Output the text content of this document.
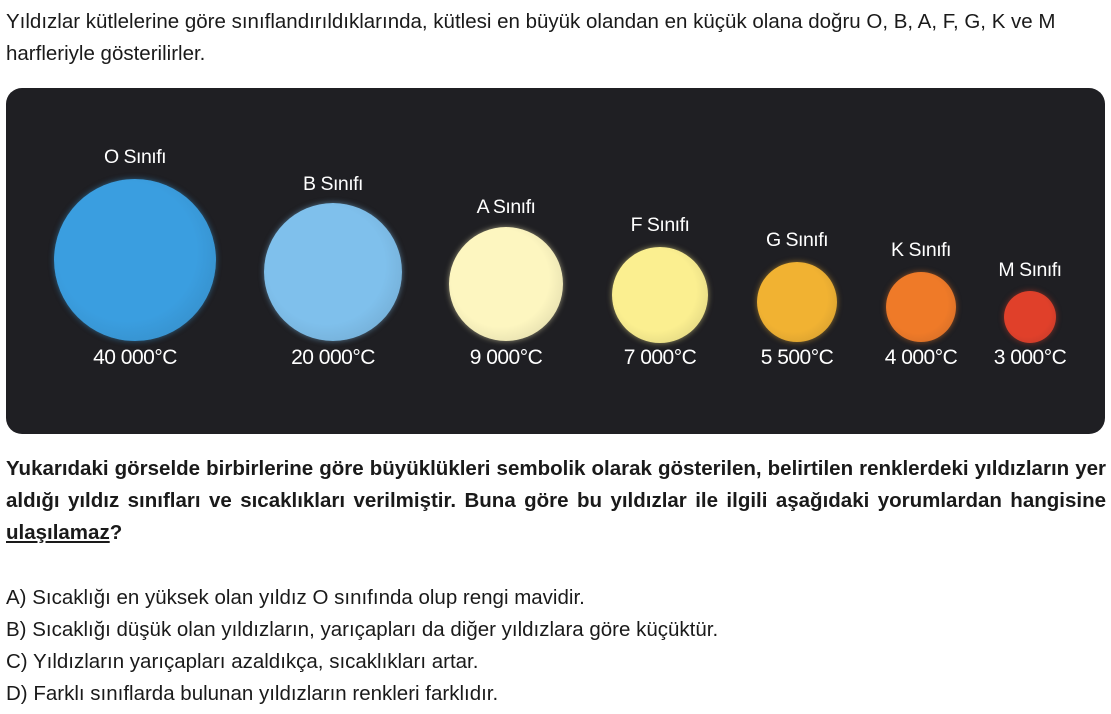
Yıldızlar kütlelerine göre sınıflandırıldıklarında, kütlesi en büyük olandan en küçük olana doğru O, B, A, F, G, K ve M harfleriyle gösterilirler.

O Sınıfı
40 000°C
B Sınıfı
20 000°C
A Sınıfı
9 000°C
F Sınıfı
7 000°C
G Sınıfı
5 500°C
K Sınıfı
4 000°C
M Sınıfı
3 000°C

Yukarıdaki görselde birbirlerine göre büyüklükleri sembolik olarak gösterilen, belirtilen renklerdeki yıldızların yer aldığı yıldız sınıfları ve sıcaklıkları verilmiştir. Buna göre bu yıldızlar ile ilgili aşağıdaki yorumlardan hangisine ulaşılamaz?

A) Sıcaklığı en yüksek olan yıldız O sınıfında olup rengi mavidir.
B) Sıcaklığı düşük olan yıldızların, yarıçapları da diğer yıldızlara göre küçüktür.
C) Yıldızların yarıçapları azaldıkça, sıcaklıkları artar.
D) Farklı sınıflarda bulunan yıldızların renkleri farklıdır.
